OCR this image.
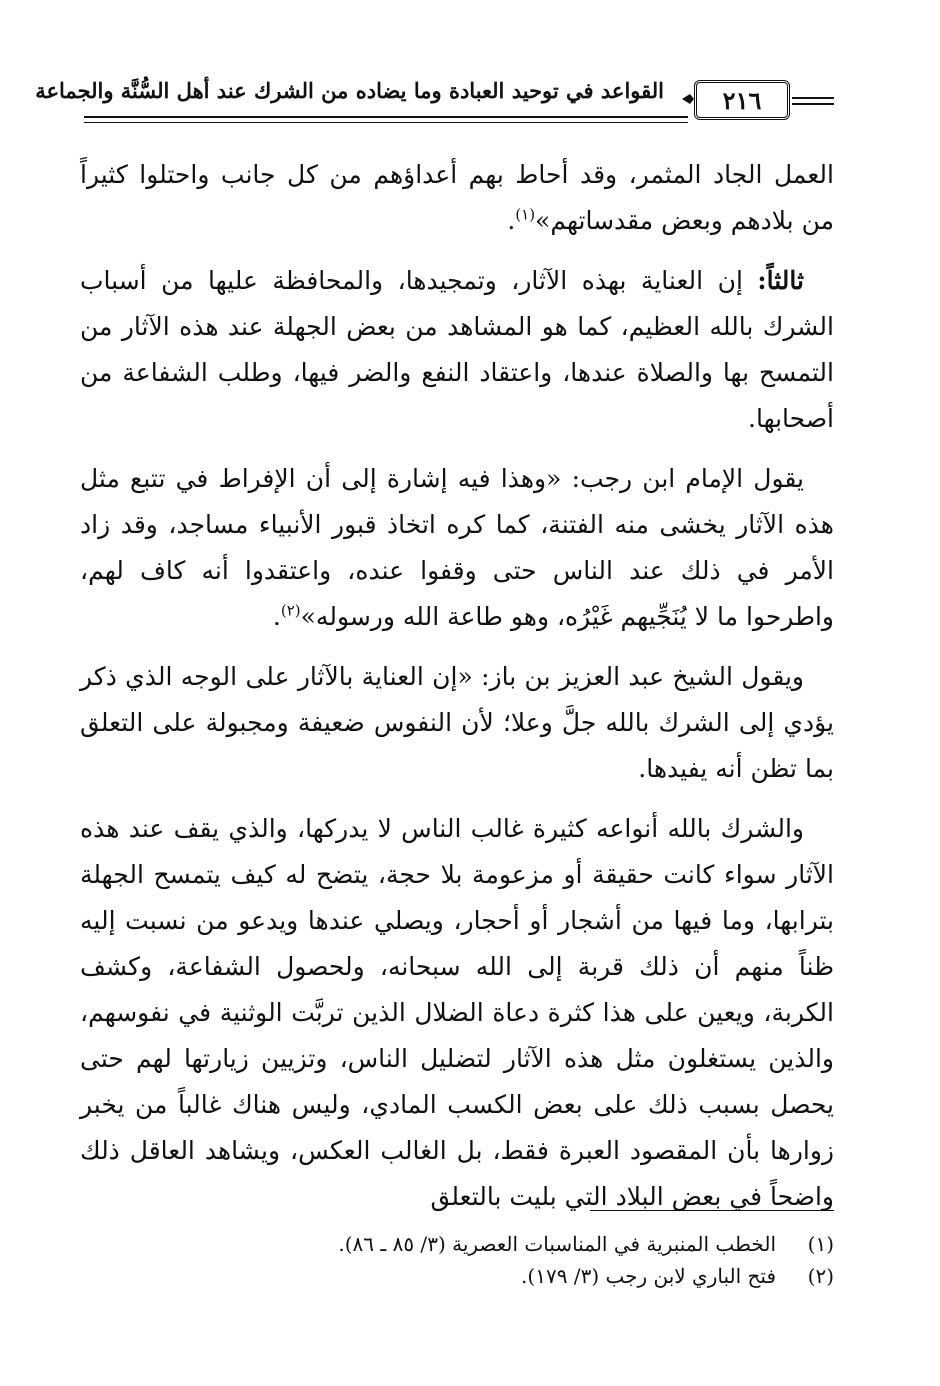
القواعد في توحيد العبادة وما يضاده من الشرك عند أهل السُّنَّة والجماعة	٢١٦

العمل الجاد المثمر، وقد أحاط بهم أعداؤهم من كل جانب واحتلوا كثيراً من بلادهم وبعض مقدساتهم»$^{(١)}$.

ثالثاً: إن العناية بهذه الآثار، وتمجيدها، والمحافظة عليها من أسباب الشرك بالله العظيم، كما هو المشاهد من بعض الجهلة عند هذه الآثار من التمسح بها والصلاة عندها، واعتقاد النفع والضر فيها، وطلب الشفاعة من أصحابها.

يقول الإمام ابن رجب: «وهذا فيه إشارة إلى أن الإفراط في تتبع مثل هذه الآثار يخشى منه الفتنة، كما كره اتخاذ قبور الأنبياء مساجد، وقد زاد الأمر في ذلك عند الناس حتى وقفوا عنده، واعتقدوا أنه كاف لهم، واطرحوا ما لا يُنَجِّيهم غَيْرُه، وهو طاعة الله ورسوله»$^{(٢)}$.

ويقول الشيخ عبد العزيز بن باز: «إن العناية بالآثار على الوجه الذي ذكر يؤدي إلى الشرك بالله جلَّ وعلا؛ لأن النفوس ضعيفة ومجبولة على التعلق بما تظن أنه يفيدها.

والشرك بالله أنواعه كثيرة غالب الناس لا يدركها، والذي يقف عند هذه الآثار سواء كانت حقيقة أو مزعومة بلا حجة، يتضح له كيف يتمسح الجهلة بترابها، وما فيها من أشجار أو أحجار، ويصلي عندها ويدعو من نسبت إليه ظناً منهم أن ذلك قربة إلى الله سبحانه، ولحصول الشفاعة، وكشف الكربة، ويعين على هذا كثرة دعاة الضلال الذين تربَّت الوثنية في نفوسهم، والذين يستغلون مثل هذه الآثار لتضليل الناس، وتزيين زيارتها لهم حتى يحصل بسبب ذلك على بعض الكسب المادي، وليس هناك غالباً من يخبر زوارها بأن المقصود العبرة فقط، بل الغالب العكس، ويشاهد العاقل ذلك واضحاً في بعض البلاد التي بليت بالتعلق

(١)
الخطب المنبرية في المناسبات العصرية (٣/ ٨٥ ـ ٨٦).
(٢)
فتح الباري لابن رجب (٣/ ١٧٩).
